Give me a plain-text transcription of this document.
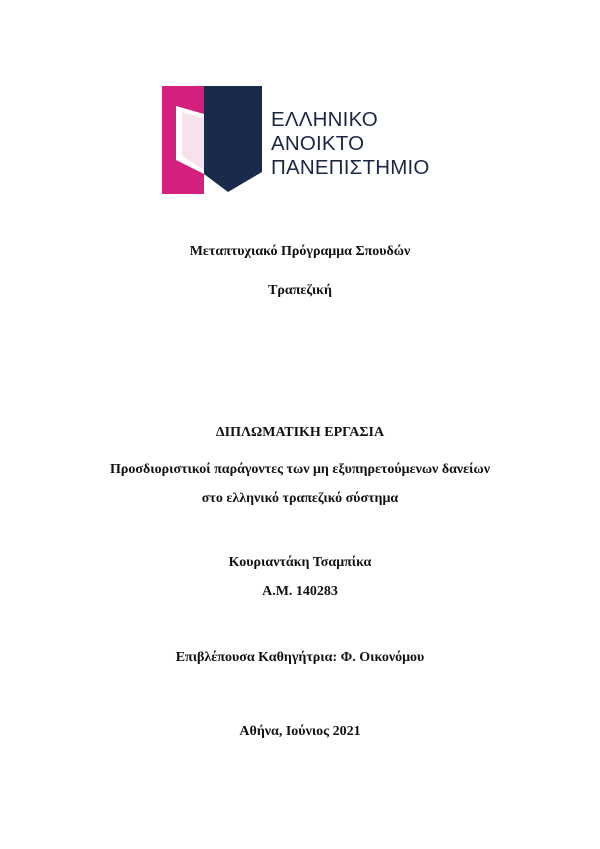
ΕΛΛΗΝΙΚΟ
ΑΝΟΙΚΤΟ
ΠΑΝΕΠΙΣΤΗΜΙΟ
Μεταπτυχιακό Πρόγραμμα Σπουδών
Τραπεζική
ΔΙΠΛΩΜΑΤΙΚΗ ΕΡΓΑΣΙΑ
Προσδιοριστικοί παράγοντες των μη εξυπηρετούμενων δανείων
στο ελληνικό τραπεζικό σύστημα
Κουριαντάκη Τσαμπίκα
Α.Μ. 140283
Επιβλέπουσα Καθηγήτρια: Φ. Οικονόμου
Αθήνα, Ιούνιος 2021
